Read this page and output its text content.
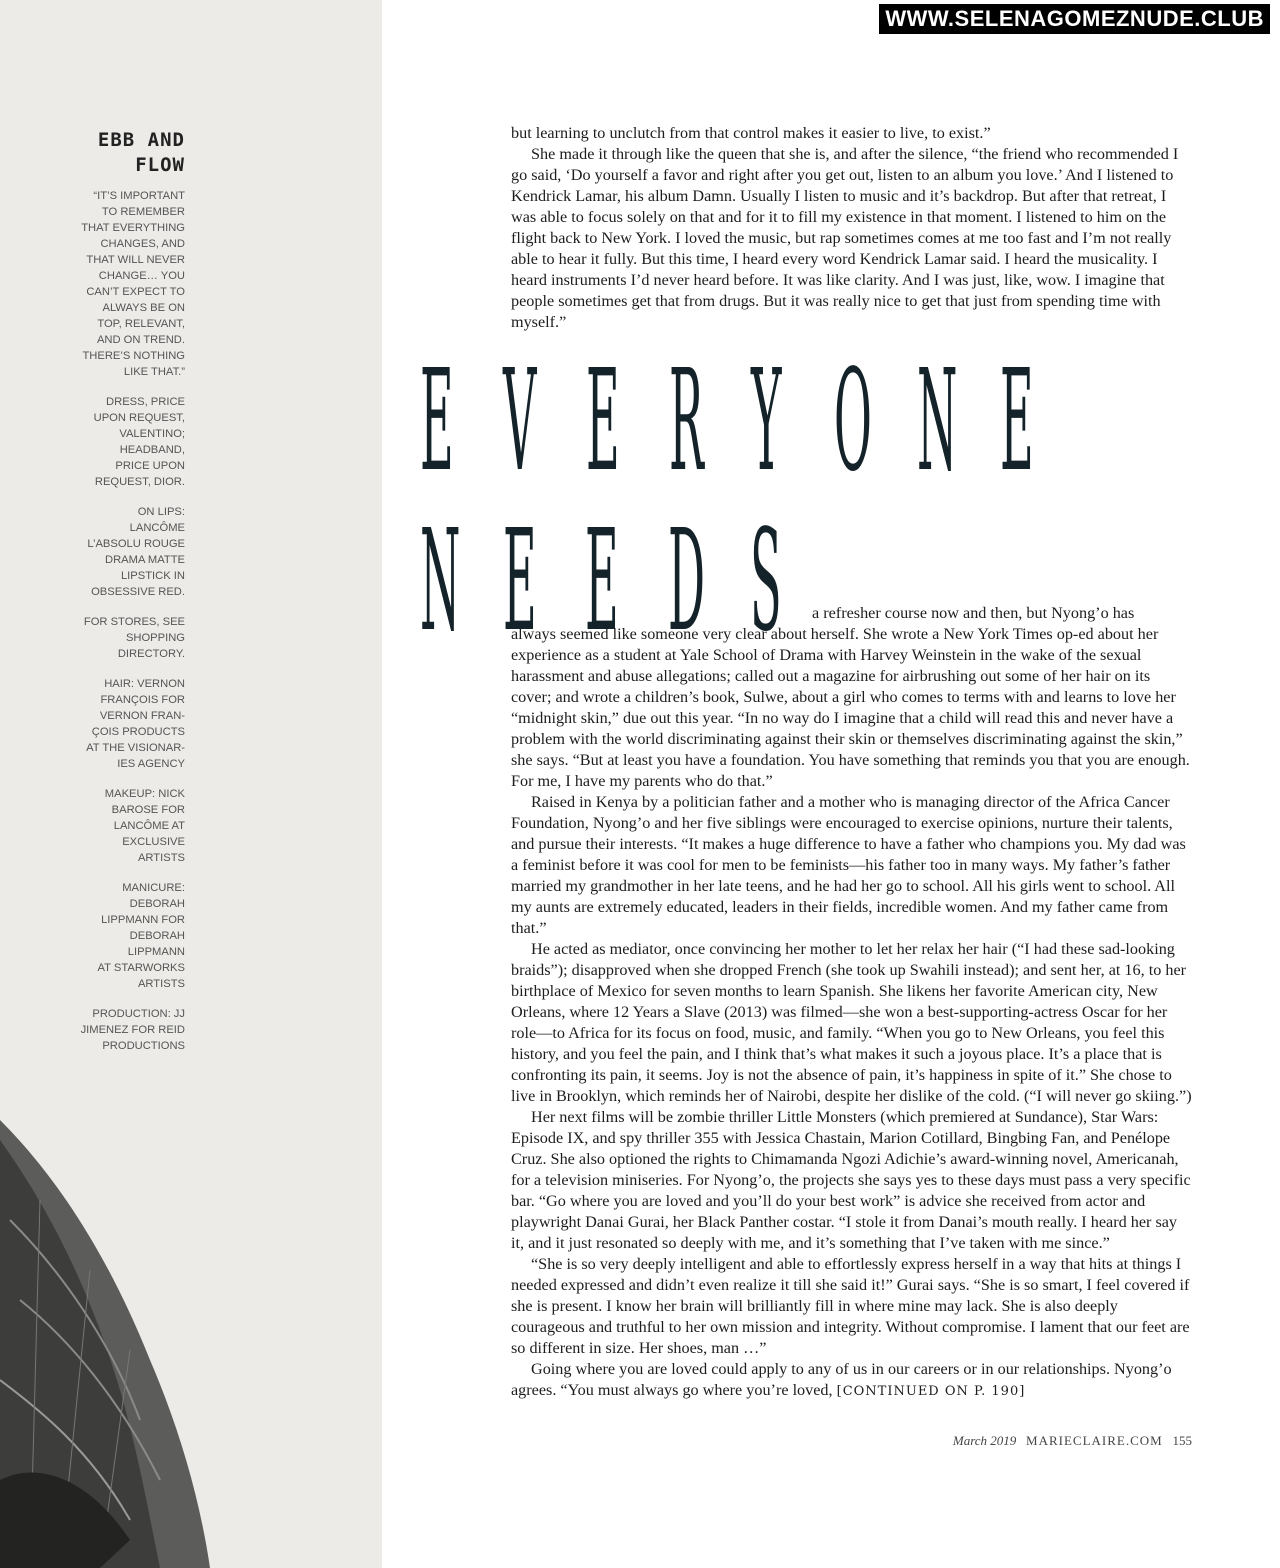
EBB AND
FLOW
“IT’S IMPORTANT
TO REMEMBER
THAT EVERYTHING
CHANGES, AND
THAT WILL NEVER
CHANGE… YOU
CAN’T EXPECT TO
ALWAYS BE ON
TOP, RELEVANT,
AND ON TREND.
THERE’S NOTHING
LIKE THAT.”
DRESS, PRICE
UPON REQUEST,
VALENTINO;
HEADBAND,
PRICE UPON
REQUEST, DIOR.
ON LIPS:
LANCÔME
L’ABSOLU ROUGE
DRAMA MATTE
LIPSTICK IN
OBSESSIVE RED.
FOR STORES, SEE
SHOPPING
DIRECTORY.
HAIR: VERNON
FRANÇOIS FOR
VERNON FRAN-
ÇOIS PRODUCTS
AT THE VISIONAR-
IES AGENCY
MAKEUP: NICK
BAROSE FOR
LANCÔME AT
EXCLUSIVE
ARTISTS
MANICURE:
DEBORAH
LIPPMANN FOR
DEBORAH
LIPPMANN
AT STARWORKS
ARTISTS
PRODUCTION: JJ
JIMENEZ FOR REID
PRODUCTIONS
WWW.SELENAGOMEZNUDE.CLUB

but learning to unclutch from that control makes it easier to live, to exist.”

She made it through like the queen that she is, and after the silence, “the friend who recommended I go said, ‘Do yourself a favor and right after you get out, listen to an album you love.’ And I listened to Kendrick Lamar, his album Damn. Usually I listen to music and it’s backdrop. But after that retreat, I was able to focus solely on that and for it to fill my existence in that moment. I listened to him on the flight back to New York. I loved the music, but rap sometimes comes at me too fast and I’m not really able to hear it fully. But this time, I heard every word Kendrick Lamar said. I heard the musicality. I heard instruments I’d never heard before. It was like clarity. And I was just, like, wow. I imagine that people sometimes get that from drugs. But it was really nice to get that just from spending time with myself.”

E V E R Y O N E
N E E D S a refresher course now and then, but Nyong’o has

always seemed like someone very clear about herself. She wrote a New York Times op-ed about her experience as a student at Yale School of Drama with Harvey Weinstein in the wake of the sexual harassment and abuse allegations; called out a magazine for airbrushing out some of her hair on its cover; and wrote a children’s book, Sulwe, about a girl who comes to terms with and learns to love her “midnight skin,” due out this year. “In no way do I imagine that a child will read this and never have a problem with the world discriminating against their skin or themselves discriminating against the skin,” she says. “But at least you have a foundation. You have something that reminds you that you are enough. For me, I have my parents who do that.”

Raised in Kenya by a politician father and a mother who is managing director of the Africa Cancer Foundation, Nyong’o and her five siblings were encouraged to exercise opinions, nurture their talents, and pursue their interests. “It makes a huge difference to have a father who champions you. My dad was a feminist before it was cool for men to be feminists—his father too in many ways. My father’s father married my grandmother in her late teens, and he had her go to school. All his girls went to school. All my aunts are extremely educated, leaders in their fields, incredible women. And my father came from that.”

He acted as mediator, once convincing her mother to let her relax her hair (“I had these sad-looking braids”); disapproved when she dropped French (she took up Swahili instead); and sent her, at 16, to her birthplace of Mexico for seven months to learn Spanish. She likens her favorite American city, New Orleans, where 12 Years a Slave (2013) was filmed—she won a best-supporting-actress Oscar for her role—to Africa for its focus on food, music, and family. “When you go to New Orleans, you feel this history, and you feel the pain, and I think that’s what makes it such a joyous place. It’s a place that is confronting its pain, it seems. Joy is not the absence of pain, it’s happiness in spite of it.” She chose to live in Brooklyn, which reminds her of Nairobi, despite her dislike of the cold. (“I will never go skiing.”)

Her next films will be zombie thriller Little Monsters (which premiered at Sundance), Star Wars: Episode IX, and spy thriller 355 with Jessica Chastain, Marion Cotillard, Bingbing Fan, and Penélope Cruz. She also optioned the rights to Chimamanda Ngozi Adichie’s award-winning novel, Americanah, for a television miniseries. For Nyong’o, the projects she says yes to these days must pass a very specific bar. “Go where you are loved and you’ll do your best work” is advice she received from actor and playwright Danai Gurai, her Black Panther costar. “I stole it from Danai’s mouth really. I heard her say it, and it just resonated so deeply with me, and it’s something that I’ve taken with me since.”

“She is so very deeply intelligent and able to effortlessly express herself in a way that hits at things I needed expressed and didn’t even realize it till she said it!” Gurai says. “She is so smart, I feel covered if she is present. I know her brain will brilliantly fill in where mine may lack. She is also deeply courageous and truthful to her own mission and integrity. Without compromise. I lament that our feet are so different in size. Her shoes, man …”

Going where you are loved could apply to any of us in our careers or in our relationships. Nyong’o agrees. “You must always go where you’re loved, [CONTINUED ON P. 190]

March 2019 MARIECLAIRE.COM 155
